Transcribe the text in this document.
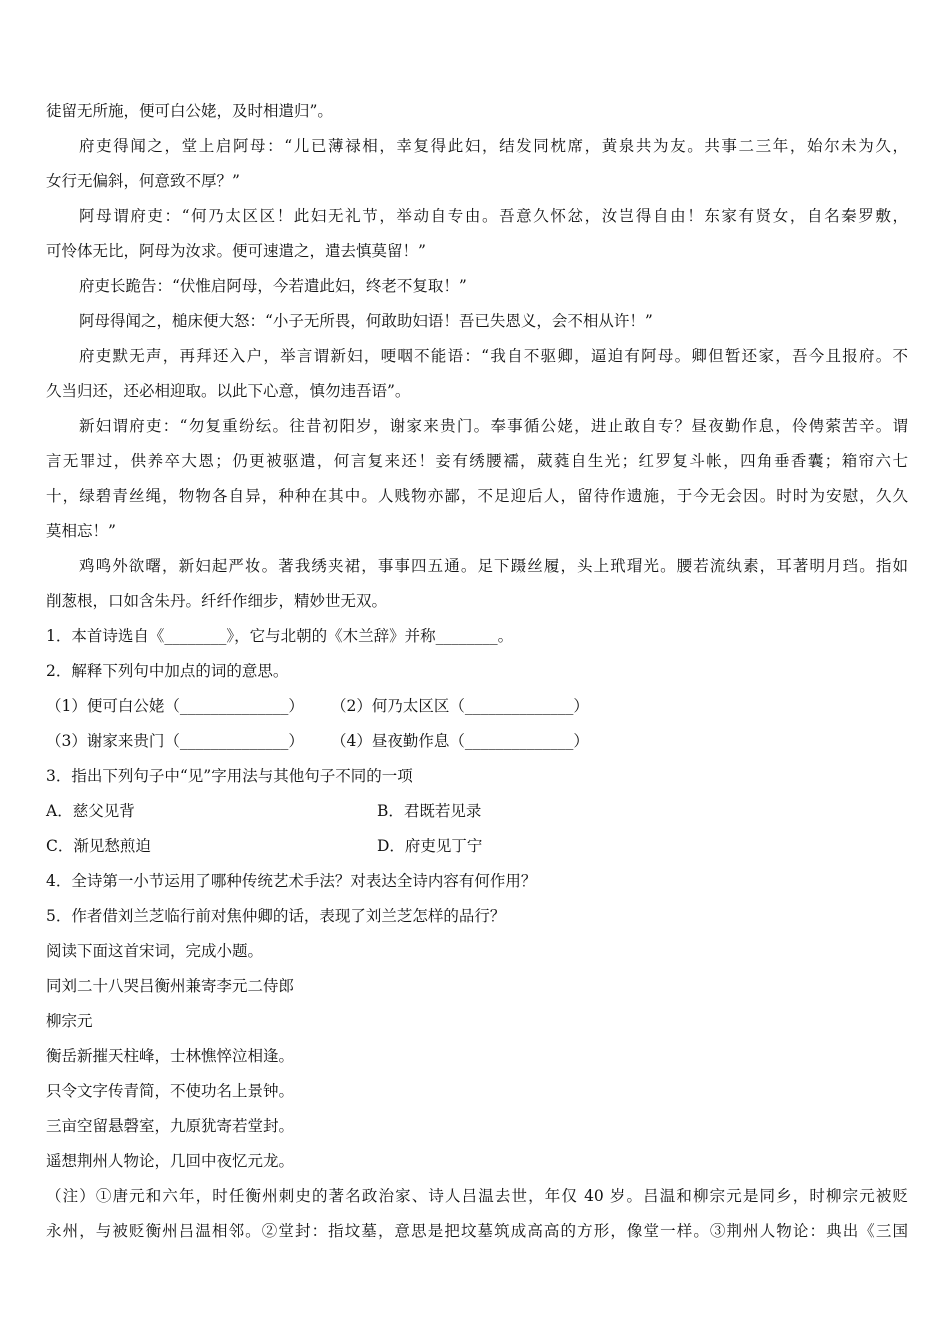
徒留无所施，便可白公姥，及时相遣归”。
府吏得闻之，堂上启阿母：“儿已薄禄相，幸复得此妇，结发同枕席，黄泉共为友。共事二三年，始尔未为久，
女行无偏斜，何意致不厚？”
阿母谓府吏：“何乃太区区！此妇无礼节，举动自专由。吾意久怀忿，汝岂得自由！东家有贤女，自名秦罗敷，
可怜体无比，阿母为汝求。便可速遣之，遣去慎莫留！”
府吏长跪告：“伏惟启阿母，今若遣此妇，终老不复取！”
阿母得闻之，槌床便大怒：“小子无所畏，何敢助妇语！吾已失恩义，会不相从许！”
府吏默无声，再拜还入户，举言谓新妇，哽咽不能语：“我自不驱卿，逼迫有阿母。卿但暂还家，吾今且报府。不
久当归还，还必相迎取。以此下心意，慎勿违吾语”。
新妇谓府吏：“勿复重纷纭。往昔初阳岁，谢家来贵门。奉事循公姥，进止敢自专？昼夜勤作息，伶俜萦苦辛。谓
言无罪过，供养卒大恩；仍更被驱遣，何言复来还！妾有绣腰襦，葳蕤自生光；红罗复斗帐，四角垂香囊；箱帘六七
十，绿碧青丝绳，物物各自异，种种在其中。人贱物亦鄙，不足迎后人，留待作遗施，于今无会因。时时为安慰，久久
莫相忘！”
鸡鸣外欲曙，新妇起严妆。著我绣夹裙，事事四五通。足下蹑丝履，头上玳瑁光。腰若流纨素，耳著明月珰。指如
削葱根，口如含朱丹。纤纤作细步，精妙世无双。
1．本首诗选自《________》，它与北朝的《木兰辞》并称________。
2．解释下列句中加点的词的意思。
（1）便可白公姥（______________） （2）何乃太区区（______________）
（3）谢家来贵门（______________） （4）昼夜勤作息（______________）
3．指出下列句子中“见”字用法与其他句子不同的一项
A．慈父见背	B．君既若见录
C．渐见愁煎迫	D．府吏见丁宁
4．全诗第一小节运用了哪种传统艺术手法？对表达全诗内容有何作用？
5．作者借刘兰芝临行前对焦仲卿的话，表现了刘兰芝怎样的品行？
阅读下面这首宋词，完成小题。
同刘二十八哭吕衡州兼寄李元二侍郎
柳宗元
衡岳新摧天柱峰，士林憔悴泣相逢。
只令文字传青简，不使功名上景钟。
三亩空留悬磬室，九原犹寄若堂封。
遥想荆州人物论，几回中夜忆元龙。
（注）①唐元和六年，时任衡州刺史的著名政治家、诗人吕温去世，年仅 40 岁。吕温和柳宗元是同乡，时柳宗元被贬
永州，与被贬衡州吕温相邻。②堂封：指坟墓，意思是把坟墓筑成高高的方形，像堂一样。③荆州人物论：典出《三国
